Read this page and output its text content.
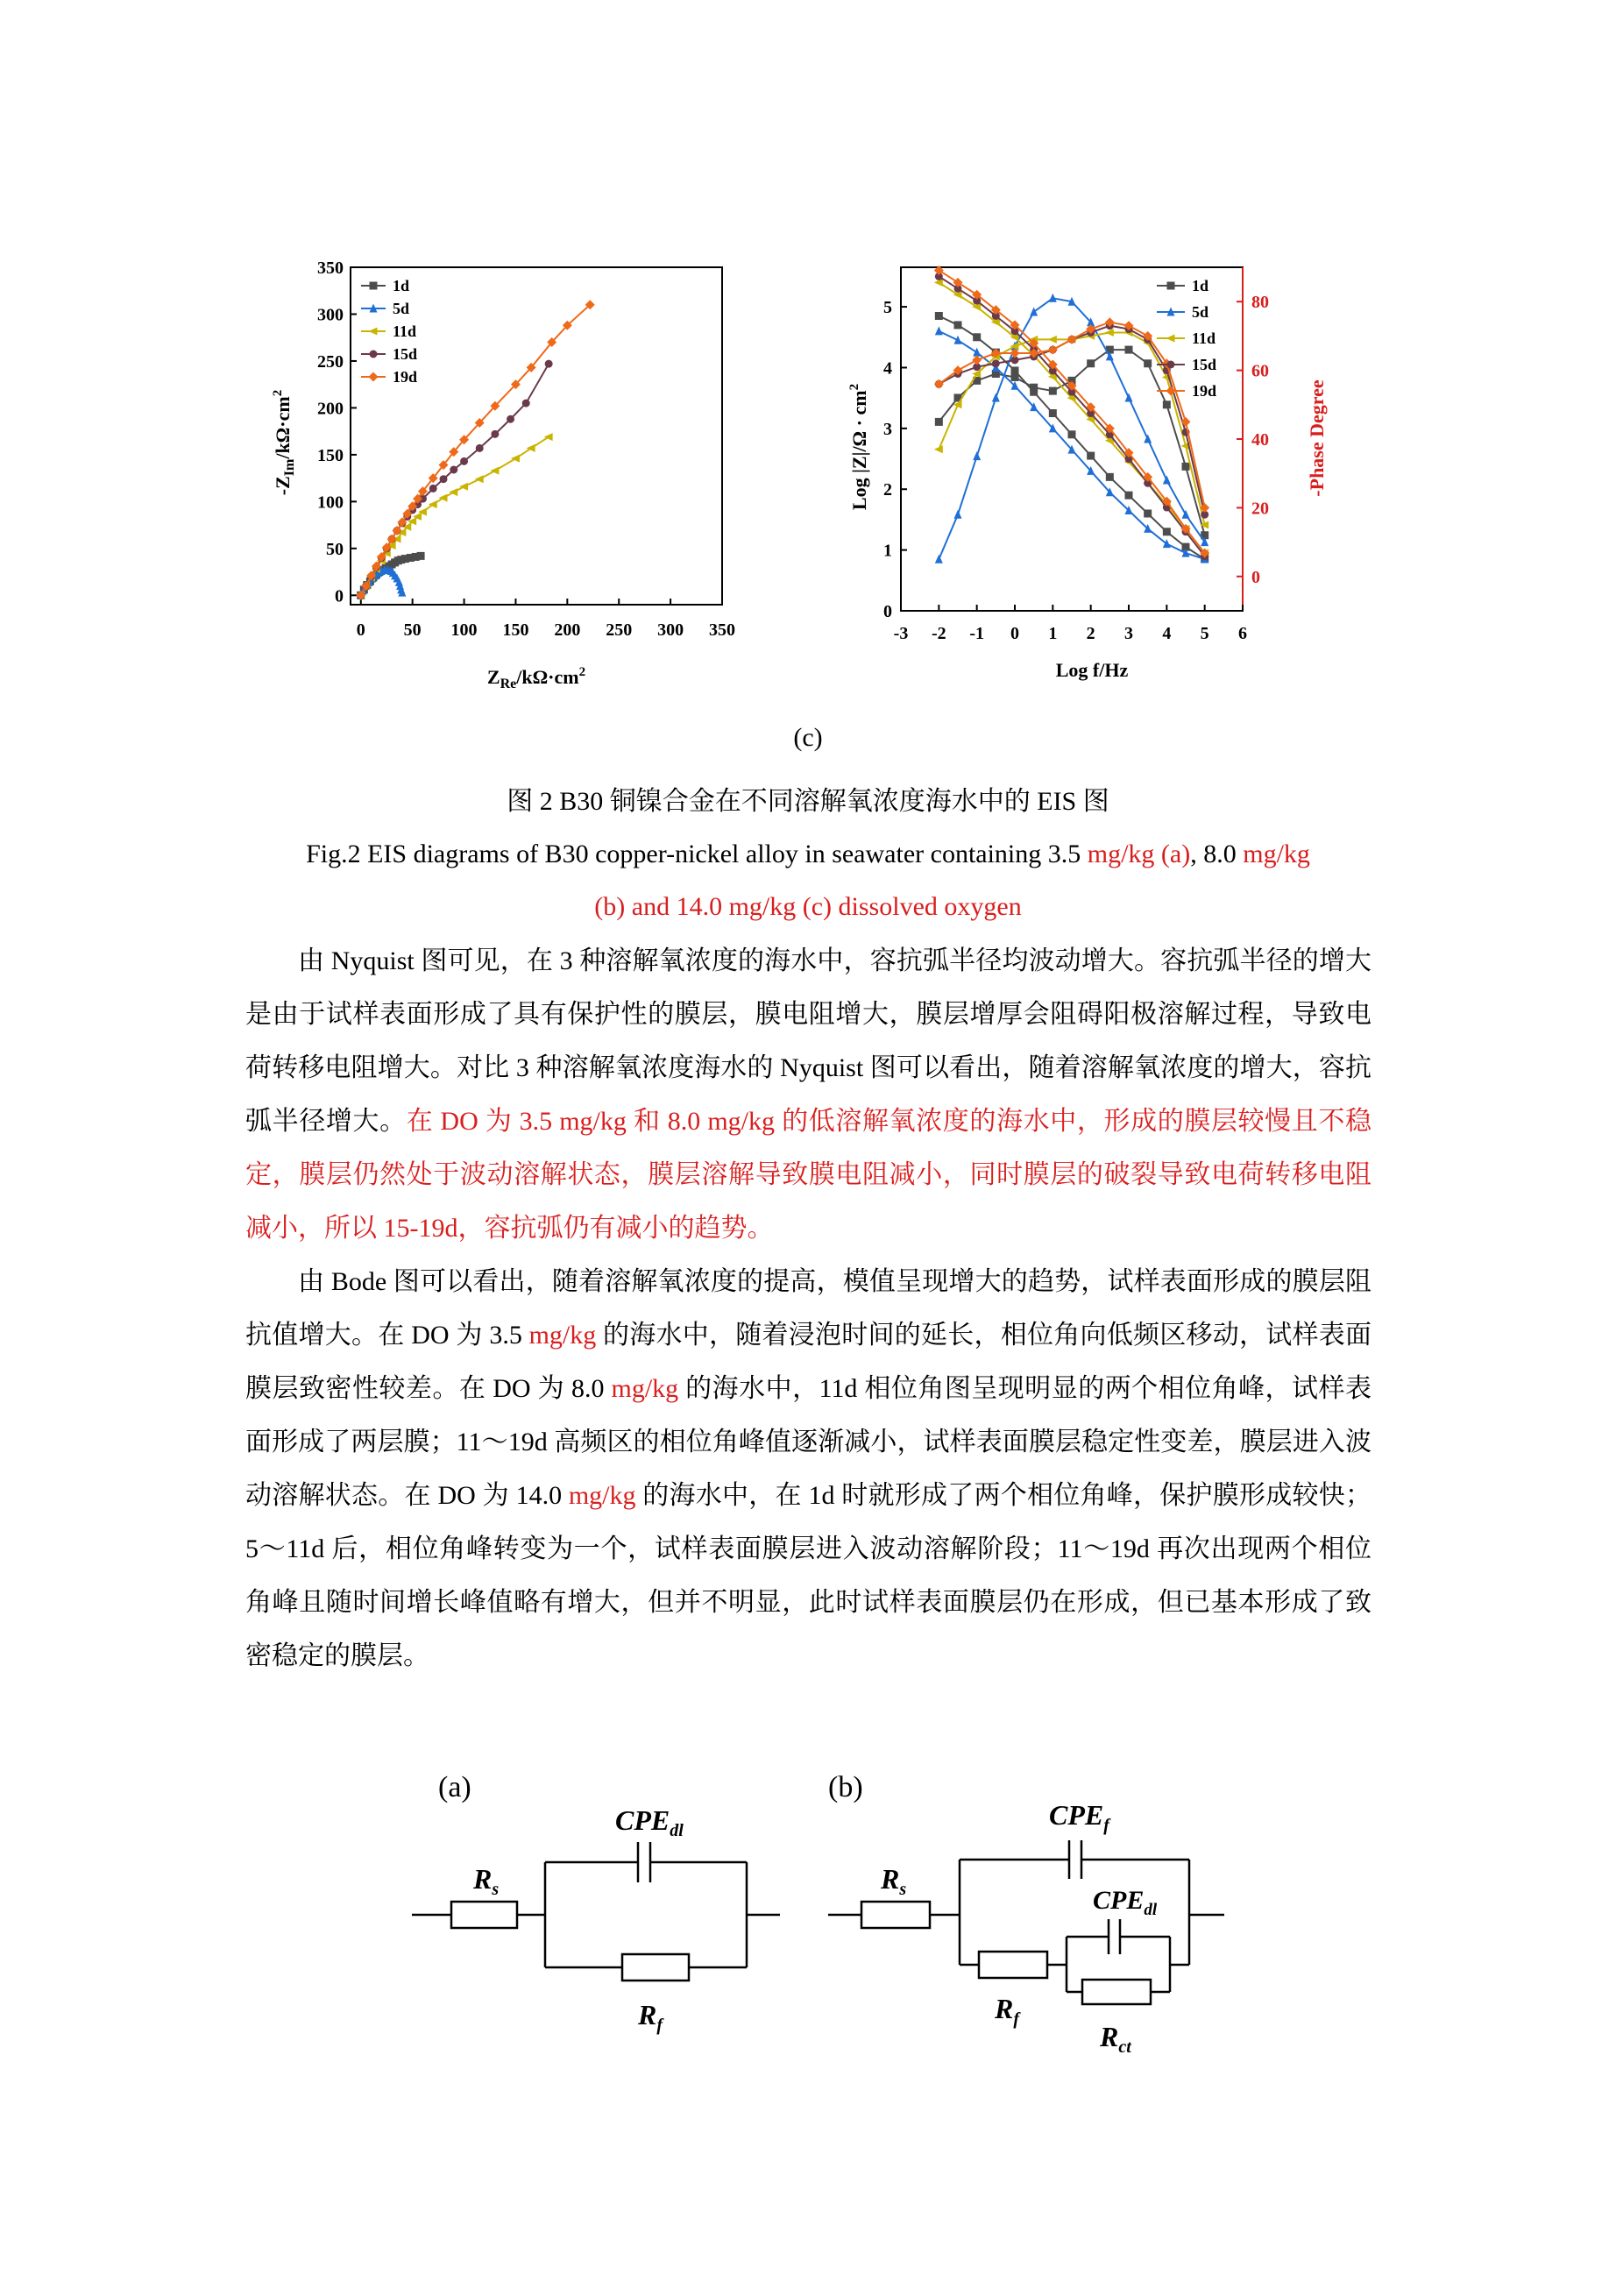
0 50 100 150 200 250 300 350
0
50
100
150
200
250
300
350
1d
5d
11d
15d
19d
$Z_{Re}/k\Omega\cdot cm^2$
$-Z_{Im}/k\Omega\cdot cm^2$
-3 -2 -1 0 1 2 3 4 5 6
0
1
2
3
4
5
0
20
40
60
80
1d
5d
11d
15d
19d
Log f/Hz
Log $|Z|/\Omega \cdot cm^2$	-Phase Degree
(c)
图 2 B30 铜镍合金在不同溶解氧浓度海水中的 EIS 图
Fig.2 EIS diagrams of B30 copper-nickel alloy in seawater containing 3.5 mg/kg (a), 8.0 mg/kg
(b) and 14.0 mg/kg (c) dissolved oxygen

由 Nyquist 图可见，在 3 种溶解氧浓度的海水中，容抗弧半径均波动增大。容抗弧半径的增大是由于试样表面形成了具有保护性的膜层，膜电阻增大，膜层增厚会阻碍阳极溶解过程，导致电荷转移电阻增大。对比 3 种溶解氧浓度海水的 Nyquist 图可以看出，随着溶解氧浓度的增大，容抗弧半径增大。在 DO 为 3.5 mg/kg 和 8.0 mg/kg 的低溶解氧浓度的海水中，形成的膜层较慢且不稳定，膜层仍然处于波动溶解状态，膜层溶解导致膜电阻减小，同时膜层的破裂导致电荷转移电阻减小，所以 15-19d，容抗弧仍有减小的趋势。

由 Bode 图可以看出，随着溶解氧浓度的提高，模值呈现增大的趋势，试样表面形成的膜层阻抗值增大。在 DO 为 3.5 mg/kg 的海水中，随着浸泡时间的延长，相位角向低频区移动，试样表面膜层致密性较差。在 DO 为 8.0 mg/kg 的海水中，11d 相位角图呈现明显的两个相位角峰，试样表面形成了两层膜；11～19d 高频区的相位角峰值逐渐减小，试样表面膜层稳定性变差，膜层进入波动溶解状态。在 DO 为 14.0 mg/kg 的海水中，在 1d 时就形成了两个相位角峰，保护膜形成较快；5～11d 后，相位角峰转变为一个，试样表面膜层进入波动溶解阶段；11～19d 再次出现两个相位角峰且随时间增长峰值略有增大，但并不明显，此时试样表面膜层仍在形成，但已基本形成了致密稳定的膜层。

(a)
$R_s$
$CPE_{dl}$
$R_f$
(b)
$R_s$
$CPE_f$
$CPE_{dl}$
$R_f$
$R_{ct}$
